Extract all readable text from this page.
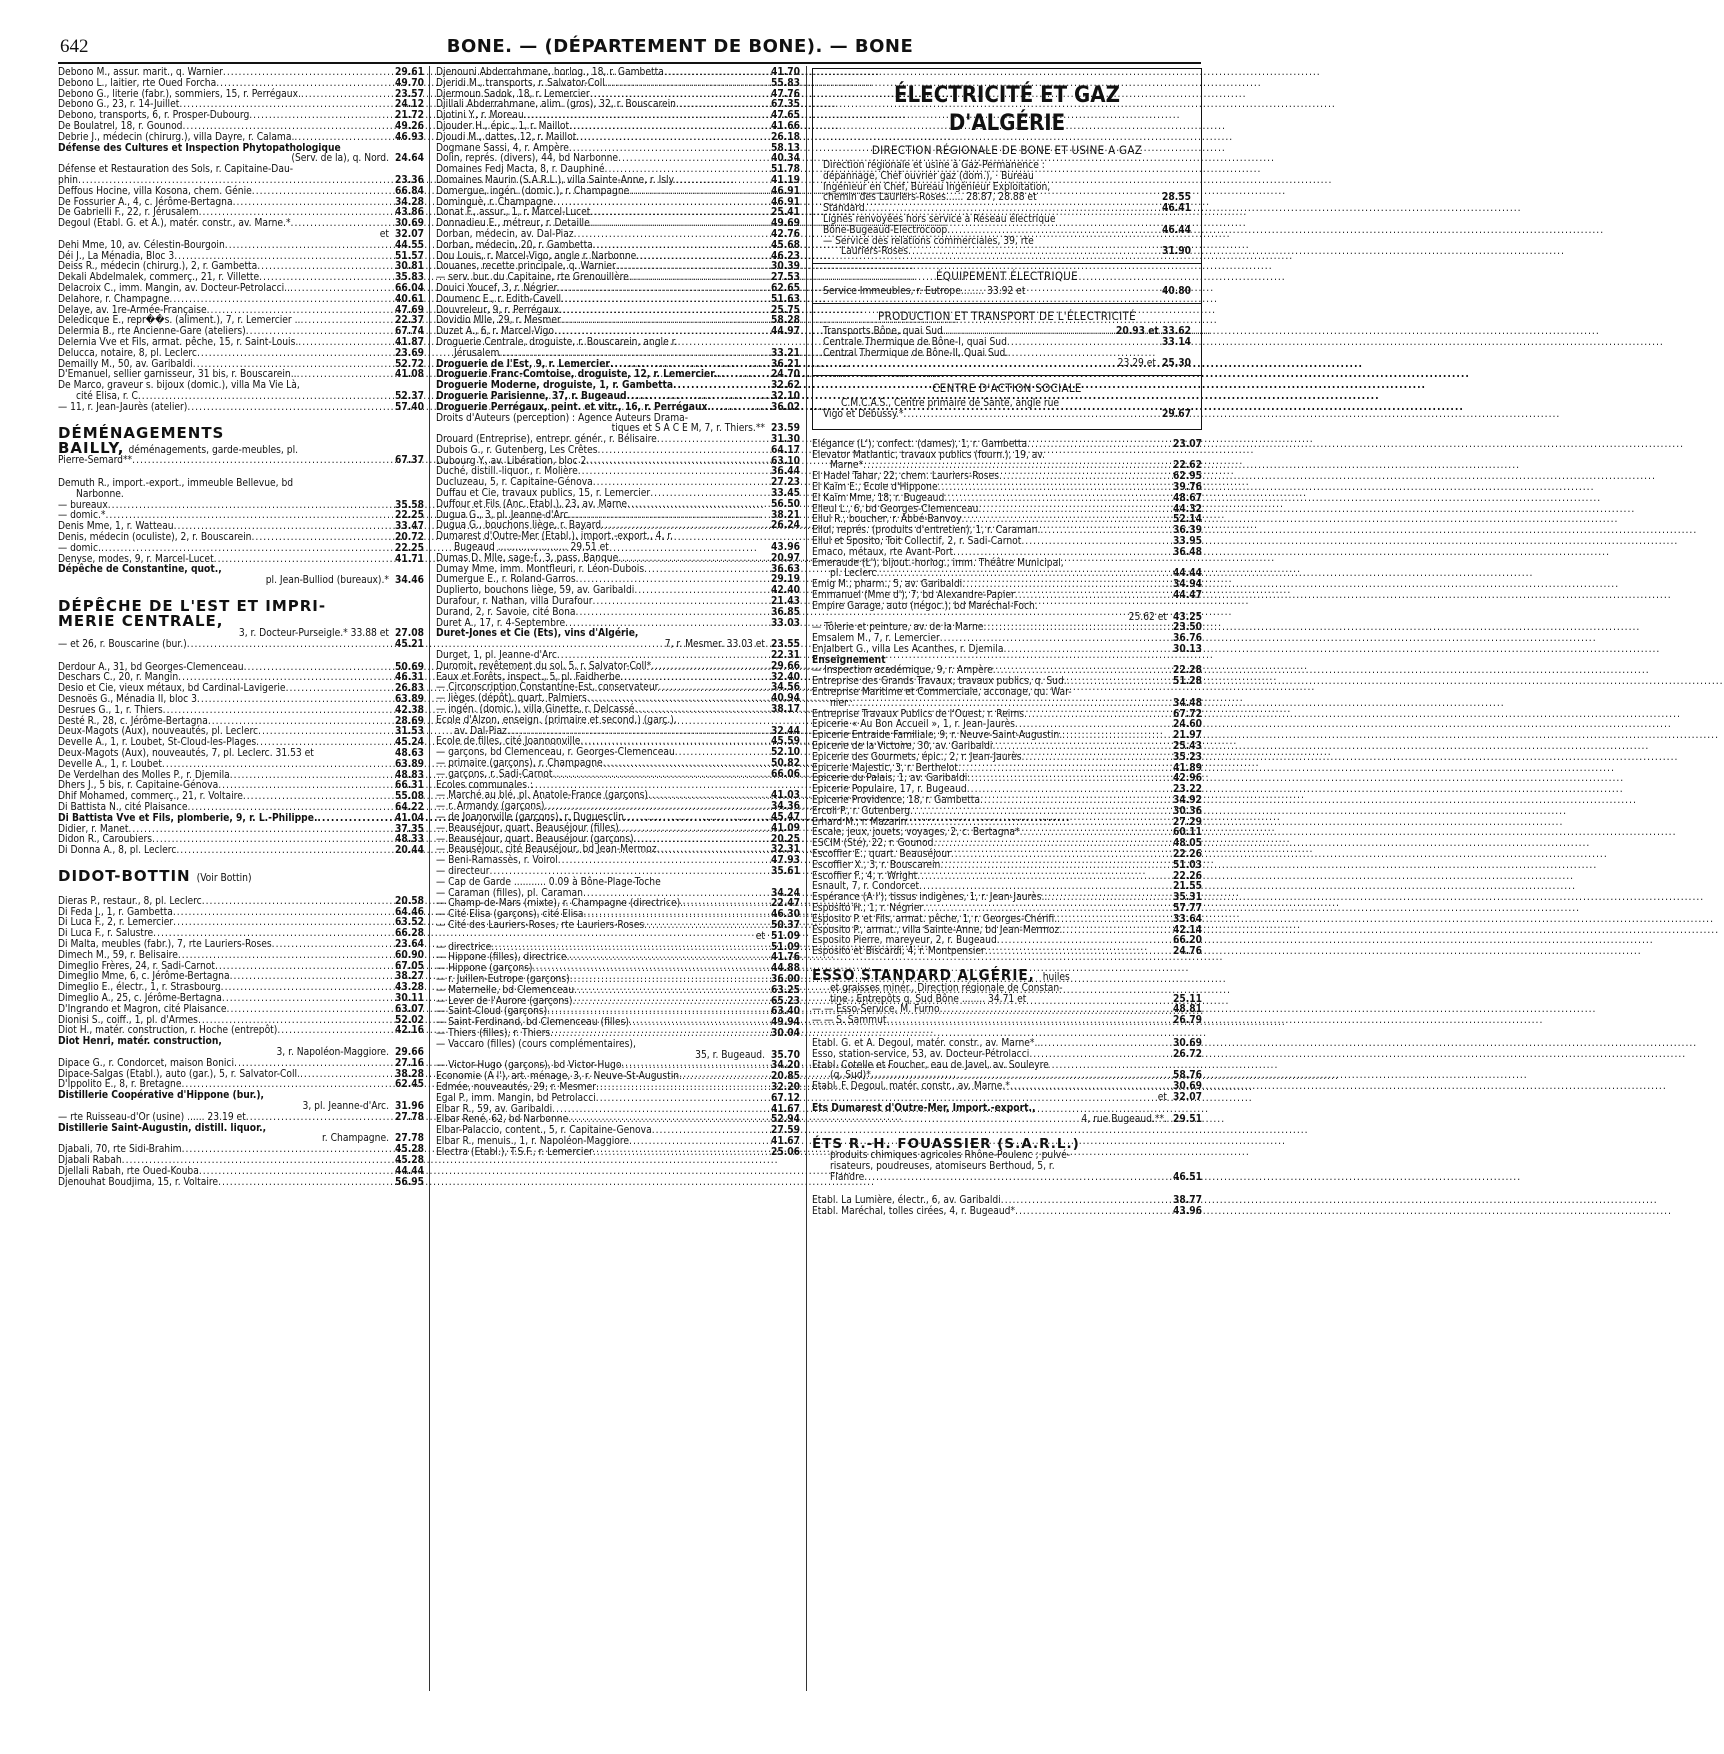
642	BONE. — (DÉPARTEMENT DE BONE). — BONE
Debono M., assur. marit., q. Warnier .....	29.61
Debono L., laitier, rte Oued Forcha .....	49.70
Debono G., literie (fabr.), sommiers, 15, r. Perrégaux. .....	23.57
Debono G., 23, r. 14-Juillet .....	24.12
Debono, transports, 6, r. Prosper-Dubourg .....	21.72
De Boulatrel, 18, r. Gounod .....	49.26
Debrie J., médecin (chirurg.), villa Dayre, r. Calama. .....	46.93
Défense des Cultures et Inspection Phytopathologique
(Serv. de la), q. Nord. 24.64
Défense et Restauration des Sols, r. Capitaine-Dau-
phin .....	23.36
Deffous Hocine, villa Kosona, chem. Génie .....	66.84
De Fossurier A., 4, c. Jérôme-Bertagna .....	34.28
De Gabrielli F., 22, r. Jérusalem .....	43.86
Degoul (Etabl. G. et A.), matér. constr., av. Marne.* .....	30.69
et 32.07
Dehi Mme, 10, av. Célestin-Bourgoin .....	44.55
Déi J., La Ménadia, Bloc 3 .....	51.57
Deiss R., médecin (chirurg.), 2, r. Gambetta .....	30.81
Dekali Abdelmalek, commerç., 21, r. Villette .....	35.83
Delacroix C., imm. Mangin, av. Docteur-Petrolacci.. .....	66.04
Delahore, r. Champagne .....	40.61
Delaye, av. 1re-Armée-Française .....	47.69
Deledicque E., repr��s. (aliment.), 7, r. Lemercier .. .....	22.37
Delermia B., rte Ancienne-Gare (ateliers) .....	67.74
Delernia Vve et Fils, armat. pêche, 15, r. Saint-Louis. .....	41.87
Delucca, notaire, 8, pl. Leclerc .....	23.69
Demailly M., 50, av. Garibaldi .....	52.72
D'Emanuel, sellier garnisseur, 31 bis, r. Bouscarein.. .....	41.08
De Marco, graveur s. bijoux (domic.), villa Ma Vie Là,
cité Elisa, r. C .....	52.37
— 11, r. Jean-Jaurès (atelier) .....	57.40
DÉMÉNAGEMENTS
BAILLY, déménagements, garde-meubles, pl.
Pierre-Semard** .....	67.37
Demuth R., import.-export., immeuble Bellevue, bd
Narbonne.
— bureaux .....	35.58
— domic.* .....	22.25
Denis Mme, 1, r. Watteau .....	33.47
Denis, médecin (oculiste), 2, r. Bouscarein .....	20.72
— domic. .....	22.25
Denyse, modes, 9, r. Marcel-Lucet .....	41.71
Dépêche de Constantine, quot.,
pl. Jean-Bulliod (bureaux).* 34.46
DÉPÊCHE DE L'EST ET IMPRI-
MERIE CENTRALE,
3, r. Docteur-Purseigle.* 33.88 et 27.08
— et 26, r. Bouscarine (bur.) .....	45.21
Derdour A., 31, bd Georges-Clemenceau .....	50.69
Deschars C., 20, r. Mangin .....	46.31
Desio et Cie, vieux métaux, bd Cardinal-Lavigerie .....	26.83
Desnoës G., Ménadia II, bloc 3 .....	63.89
Desrues G., 1, r. Thiers .....	42.38
Desté R., 28, c. Jérôme-Bertagna .....	28.69
Deux-Magots (Aux), nouveautés, pl. Leclerc .....	31.53
Develle A., 1, r. Loubet, St-Cloud-les-Plages .....	45.24
Deux-Magots (Aux), nouveautés, 7, pl. Leclerc. 31.53 et	48.63
Develle A., 1, r. Loubet .....	63.89
De Verdelhan des Molles P., r. Djemila .....	48.83
Dhers J., 5 bis, r. Capitaine-Génova .....	66.31
Dhif Mohamed, commerç., 21, r. Voltaire .....	55.08
Di Battista N., cité Plaisance .....	64.22
Di Battista Vve et Fils, plomberie, 9, r. L.-Philippe. .....	41.04
Didier, r. Manet .....	37.35
Didon R., Caroubiers .....	48.33
Di Donna A., 8, pl. Leclerc .....	20.44
DIDOT-BOTTIN (Voir Bottin)
Dieras P., restaur., 8, pl. Leclerc .....	20.58
Di Feda J., 1, r. Gambetta .....	64.46
Di Luca F., 2, r. Lemercier .....	63.52
Di Luca F., r. Salustre .....	66.28
Di Malta, meubles (fabr.), 7, rte Lauriers-Roses .....	23.64
Dimech M., 59, r. Belisaire .....	60.90
Dimeglio Frères, 24, r. Sadi-Carnot .....	67.05
Dimeglio Mme, 6, c. Jérôme-Bertagna .....	38.27
Dimeglio E., électr., 1, r. Strasbourg .....	43.28
Dimeglio A., 25, c. Jérôme-Bertagna .....	30.11
D'Ingrando et Magron, cité Plaisance .....	63.07
Dionisi S., coiff., 1, pl. d'Armes .....	52.02
Diot H., matér. construction, r. Hoche (entrepôt) .....	42.16
Diot Henri, matér. construction,
3, r. Napoléon-Maggiore. 29.66
Dipace G., r. Condorcet, maison Bonici .....	27.16
Dipace-Salgas (Etabl.), auto (gar.), 5, r. Salvator-Coll. .....	38.28
D'Ippolito E., 8, r. Bretagne .....	62.45
Distillerie Coopérative d'Hippone (bur.),
3, pl. Jeanne-d'Arc. 31.96
— rte Ruisseau-d'Or (usine) ...... 23.19 et .....	27.78
Distillerie Saint-Augustin, distill. liquor.,
r. Champagne. 27.78
Djabali, 70, rte Sidi-Brahim .....	45.28
Djabali Rabah .....	45.28
Djellali Rabah, rte Oued-Kouba .....	44.44
Djenouhat Boudjima, 15, r. Voltaire .....	56.95
Djenouni Abderrahmane, horlog., 18, r. Gambetta .....	41.70
Djeridi M., transports, r. Salvator-Coll .....	55.83
Djermoun Sadok, 18, r. Lemercier .....	47.76
Djillali Abderrahmane, alim. (gros), 32, r. Bouscarein. .....	67.35
Djotini Y., r. Moreau .....	47.65
Djouder H., épic., 1, r. Maillot .....	41.66
Djoudi M., dattes, 12, r. Maillot .....	26.18
Dogmane Sassi, 4, r. Ampère .....	58.13
Dolin, représ. (divers), 44, bd Narbonne .....	40.34
Domaines Fedj Macta, 8, r. Dauphiné .....	51.78
Domaines Maurin (S.A.R.L.), villa Sainte-Anne, r. Isly. .....	41.19
Domergue, ingén. (domic.), r. Champagne .....	46.91
Dominguè, r. Champagne .....	46.91
Donat F., assur., 1, r. Marcel-Lucet .....	25.41
Donnadieu E., métreur, r. Detaille .....	49.69
Dorban, médecin, av. Dal-Piaz .....	42.76
Dorban, médecin, 20, r. Gambetta .....	45.68
Dou Louis, r. Marcel-Vigo, angle r. Narbonne .....	46.23
Douanes, recette principale, q. Warnier .....	30.39
— serv. bur. du Capitaine, rte Grenouillère .....	27.53
Douici Youcef, 3, r. Négrier .....	62.65
Doumenc E., r. Edith-Cavell .....	51.63
Douvreleur, 9, r. Perrégaux .....	25.75
Dovidio Mlle, 29, r. Mesmer .....	58.28
Duzet A., 6, r. Marcel-Vigo .....	44.97
Droguerie Centrale, droguiste, r. Bouscarein, angle r.
Jérusalem .....	33.21
Droguerie de l'Est, 9, r. Lemercier .....	36.21
Droguerie Franc-Comtoise, droguiste, 12, r. Lemercier. .....	24.70
Droguerie Moderne, droguiste, 1, r. Gambetta .....	32.62
Droguerie Parisienne, 37, r. Bugeaud .....	32.10
Droguerie Perrégaux, peint. et vitr., 16, r. Perrégaux. .....	36.02
Droits d'Auteurs (perception) : Agence Auteurs Drama-
tiques et S A C E M, 7, r. Thiers.** 23.59
Drouard (Entreprise), entrepr. génér., r. Bélisaire .....	31.30
Dubois G., r. Gutenberg, Les Crêtes .....	64.17
Dubourg Y., av. Libération, bloc 2 .....	63.10
Duché, distill.-liquor., r. Molière .....	36.44
Ducluzeau, 5, r. Capitaine-Génova .....	27.23
Duffau et Cie, travaux publics, 15, r. Lemercier .....	33.45
Duffour et Fils (Anc. Etabl.), 23, av. Marne .....	56.50
Dugua G., 3, pl. Jeanne-d'Arc .....	38.21
Dugua G., bouchons liège, r. Bayard .....	26.24
Dumarest d'Outre-Mer (Etabl.), import.-export., 4, r.
Bugeaud ........................ 29.51 et	43.96
Dumas D. Mlle, sage-f., 3, pass. Banque .....	20.97
Dumay Mme, imm. Montfleuri, r. Léon-Dubois .....	36.63
Dumergue E., r. Roland-Garros .....	29.19
Duplierto, bouchons liège, 59, av. Garibaldi .....	42.40
Durafour, r. Nathan, villa Durafour .....	21.43
Durand, 2, r. Savoie, cité Bona .....	36.85
Duret A., 17, r. 4-Septembre .....	33.03
Duret-Jones et Cie (Ets), vins d'Algérie,
7, r. Mesmer. 33.03 et 23.55
Durget, 1, pl. Jeanne-d'Arc .....	22.31
Duromit, revêtement du sol, 5, r. Salvator-Coll* .....	29.66
Eaux et Forêts, inspect., 5, pl. Faidherbe .....	32.40
— Circonscription Constantine-Est, conservateur .....	34.56
— lièges (dépôt), quart. Palmiers .....	40.94
— ingén. (domic.), villa Ginette, r. Delcassé .....	38.17
Ecole d'Alzon, enseign. (primaire et second.) (garç.),
av. Dal-Piaz .....	32.44
Ecole de filles, cité Joannonville .....	45.59
— garçons, bd Clemenceau, r. Georges-Clemenceau .....	52.10
— primaire (garçons), r. Champagne .....	50.82
— garçons, r. Sadi-Carnot .....	66.06
Ecoles communales :
— Marché au blé, pl. Anatole-France (garçons) .....	41.03
— r. Armandy (garçons) .....	34.36
— de Joanonville (garçons), r. Duguesclin .....	45.47
— Beauséjour, quart. Beauséjour (filles) .....	41.09
— Beauséjour, quart. Beauséjour (garçons) .....	20.25
— Beauséjour, cité Beauséjour, bd Jean-Mermoz .....	32.31
— Beni-Ramassès, r. Voirol .....	47.93
— directeur .....	35.61
— Cap de Garde ........... 0.09 à Bône-Plage-Toche
— Caraman (filles), pl. Caraman .....	34.24
— Champ-de-Mars (mixte), r. Champagne (directrice). .....	22.47
— Cité Elisa (garçons), cité Elisa .....	46.30
— Cité des Lauriers-Roses, rte Lauriers-Roses .....	50.37
et 51.09
— directrice .....	51.09
— Hippone (filles), directrice .....	41.76
— Hippone (garçons) .....	44.88
— r. Juillen-Eutrope (garçons) .....	36.00
— Maternelle, bd Clemenceau .....	63.25
— Lever de l'Aurore (garçons) .....	65.23
— Saint-Cloud (garçons) .....	63.40
— Saint-Ferdinand, bd Clemenceau (filles) .....	49.94
— Thiers (filles), r. Thiers .....	30.04
— Vaccaro (filles) (cours complémentaires),
35, r. Bugeaud. 35.70
— Victor-Hugo (garçons), bd Victor-Hugo .....	34.20
Economie (A l'), art. ménage, 3, r. Neuve-St-Augustin. .....	20.85
Edmée, nouveautés, 29, r. Mesmer .....	32.20
Egal P., imm. Mangin, bd Petrolacci .....	67.12
Elbar R., 59, av. Garibaldi .....	41.67
Elbar René, 62, bd Narbonne .....	52.94
Elbar-Palaccio, content., 5, r. Capitaine-Genova .....	27.59
Elbar R., menuis., 1, r. Napoléon-Maggiore .....	41.67
Electra (Etabl.), T.S.F., r. Lemercier .....	25.06
ÉLECTRICITÉ ET GAZ
D'ALGÉRIE
DIRECTION RÉGIONALE DE BONE ET USINE A GAZ
Direction régionale et usine à Gaz-Permanence :
dépannage, Chef ouvrier gaz (dom.), · Bureau
Ingénieur en Chef, Bureau Ingénieur Exploitation,
chemin des Lauriers-Roses...... 28.87, 28.88 et	28.55
Standard .....	46.41
Lignes renvoyées hors service à Réseau électrique
Bône-Bugeaud-Electrocoop .....	46.44
— Service des relations commerciales, 39, rte
Lauriers-Roses .....	31.90
ÉQUIPEMENT ÉLECTRIQUE
Service Immeubles, r. Eutrope........ 33.92 et	40.80
PRODUCTION ET TRANSPORT DE L'ÉLECTRICITÉ
Transports Bône, quai Sud .....	20.93 et 33.62
Centrale Thermique de Bône-I, quai Sud .....	33.14
Central Thermique de Bône-II, Quai Sud.
23.29 et 25.30
CENTRE D'ACTION SOCIALE
C.M.C.A.S., Centre primaire de Santé, angle rue
Vigo et Debussy.* .....	29.67
Elégance (L'), confect. (dames), 1, r. Gambetta .....	23.07
Elevator Matlantic, travaux publics (fourn.), 19, av.
Marne* .....	22.62
El Hadel Tahar, 22, chem. Lauriers-Roses .....	62.95
El Kaïm E., Ecole d'Hippone .....	39.76
El Kaïm Mme, 18, r. Bugeaud .....	48.67
Elleul L., 6, bd Georges-Clemenceau .....	44.32
Ellul R., boucher, r. Abbé-Banvoy .....	52.14
Ellul, représ. (produits d'entretien), 1, r. Caraman. .....	36.39
Ellul et Sposito, Toit Collectif, 2, r. Sadi-Carnot .....	33.95
Emaco, métaux, rte Avant-Port .....	36.48
Emeraude (L'), bijout.-horlog., imm. Théâtre Municipal,
pl. Leclerc .....	44.44
Emig M., pharm., 5, av. Garibaldi .....	34.94
Emmanuel (Mme d'), 7, bd Alexandre-Papier .....	44.47
Empire Garage, auto (négoc.), bd Maréchal-Foch.
25.62 et 43.25
— Tôlerie et peinture, av. de la Marne .....	23.50
Emsalem M., 7, r. Lemercier .....	36.76
Enjalbert G., villa Les Acanthes, r. Djemila .....	30.13
Enseignement
— Inspection académique, 9, r. Ampère .....	22.28
Entreprise des Grands Travaux, travaux publics, q. Sud. .....	51.28
Entreprise Maritime et Commerciale, acconage, qu. War-
nier .....	34.48
Entreprise Travaux Publics de l'Ouest, r. Reims .....	67.72
Epicerie « Au Bon Accueil », 1, r. Jean-Jaurès .....	24.60
Epicerie Entraide Familiale, 9, r. Neuve-Saint-Augustin. .....	21.97
Epicerie de la Victoire, 30, av. Garibaldi .....	25.43
Epicerie des Gourmets, épic., 2, r. Jean-Jaurès .....	35.23
Epicerie Majestic, 3, r. Berthelot .....	41.89
Epicerie du Palais, 1, av. Garibaldi .....	42.96
Epicerie Populaire, 17, r. Bugeaud .....	23.22
Epicerie Providence, 18, r. Gambetta .....	34.92
Ercoli P., r. Gutenberg .....	30.36
Erhard M., r. Mazarin .....	27.29
Escale, jeux, jouets, voyages, 2, c. Bertagna* .....	60.11
ESCIM (Sté), 22, r. Gounod .....	48.05
Escoffier E., quart. Beauséjour .....	22.26
Escoffier X., 3, r. Bouscarein .....	51.03
Escoffier F., 4, r. Wright .....	22.26
Esnault, 7, r. Condorcet .....	21.55
Espérance (A l'), tissus indigènes, 1, r. Jean-Jaurès.. .....	35.31
Esposito H., 1, r. Négrier .....	57.77
Esposito P. et Fils, armat. pêche, 1, r. Georges-Chérifi. .....	33.64
Esposito P., armat., villa Sainte-Anne, bd Jean-Mermoz. .....	42.14
Esposito Pierre, mareyeur, 2, r. Bugeaud .....	66.20
Esposito et Biscardi, 4, r. Montpensier .....	24.76
ESSO STANDARD ALGÉRIE, huiles
et graisses minér., Direction régionale de Constan-
tine : Entrepôts q. Sud Bône ........ 34.71 et	25.11
— — Esso-Service, M. Furno .....	48.81
— — S. Sammut .....	26.79
Etabl. G. et A. Degoul, matér. constr., av. Marne*.. .....	30.69
Esso, station-service, 53, av. Docteur-Pétrolacci .....	26.72
Etabl. Cotelle et Foucher, eau de Javel, av. Souleyre
(q. Sud)* .....	58.76
Etabl. F. Degoul, matér. constr., av. Marne.* .....	30.69
et 32.07
Ets Dumarest d'Outre-Mer, Import.-export.,
4, rue Bugeaud.**. 29.51
ÉTS R.-H. FOUASSIER (S.A.R.L.)
produits chimiques agricoles Rhône-Poulenc ; pulvé-
risateurs, poudreuses, atomiseurs Berthoud, 5, r.
Flandre .....	46.51
Etabl. La Lumière, électr., 6, av. Garibaldi .....	38.77
Etabl. Maréchal, tolles cirées, 4, r. Bugeaud* .....	43.96
